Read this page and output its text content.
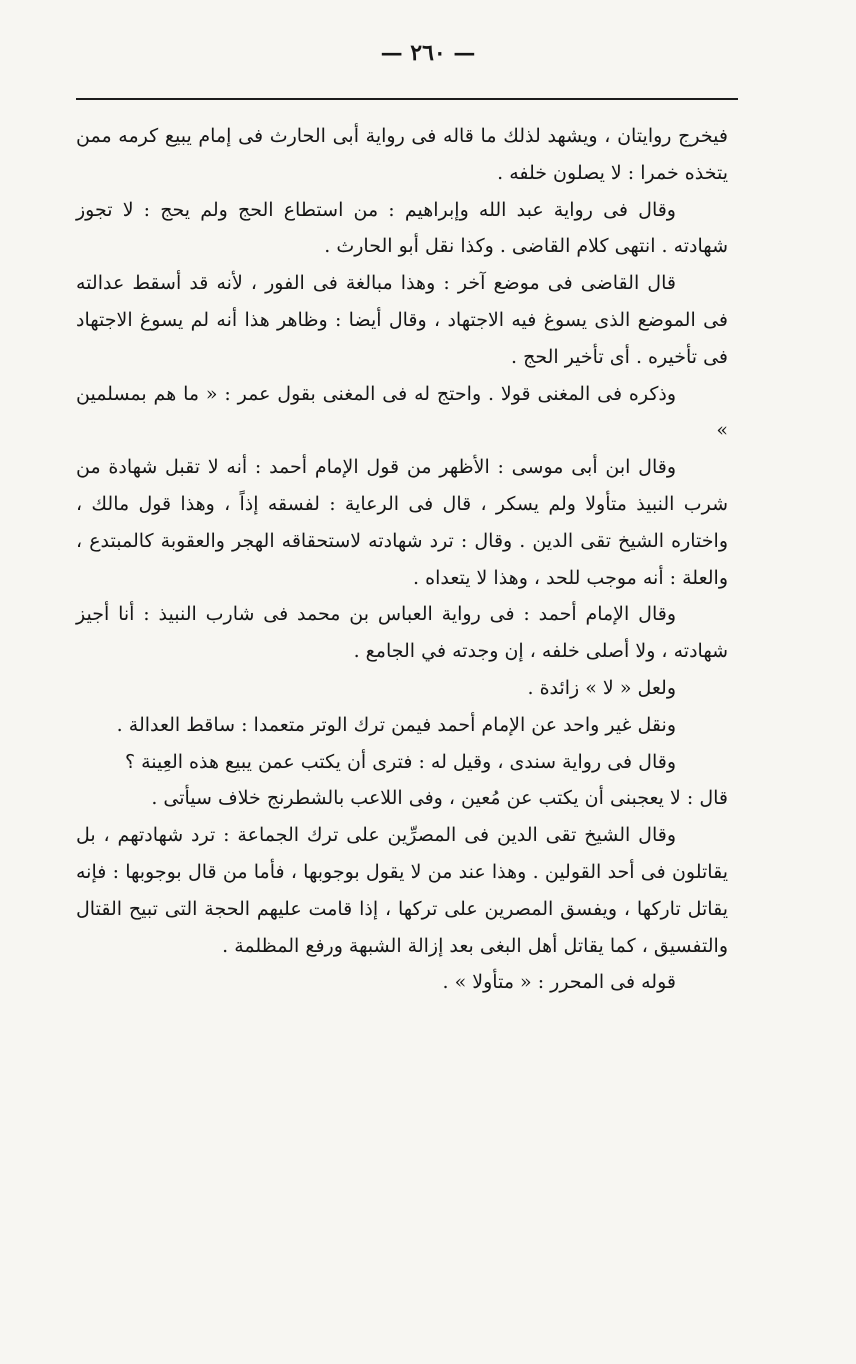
— ٢٦٠ —

فيخرج روايتان ، ويشهد لذلك ما قاله فى رواية أبى الحارث فى إمام يبيع كرمه ممن يتخذه خمرا : لا يصلون خلفه .

وقال فى رواية عبد الله وإبراهيم : من استطاع الحج ولم يحج : لا تجوز شهادته . انتهى كلام القاضى . وكذا نقل أبو الحارث .

قال القاضى فى موضع آخر : وهذا مبالغة فى الفور ، لأنه قد أسقط عدالته فى الموضع الذى يسوغ فيه الاجتهاد ، وقال أيضا : وظاهر هذا أنه لم يسوغ الاجتهاد فى تأخيره . أى تأخير الحج .

وذكره فى المغنى قولا . واحتج له فى المغنى بقول عمر : « ما هم بمسلمين »

وقال ابن أبى موسى : الأظهر من قول الإمام أحمد : أنه لا تقبل شهادة من شرب النبيذ متأولا ولم يسكر ، قال فى الرعاية : لفسقه إذاً ، وهذا قول مالك ، واختاره الشيخ تقى الدين . وقال : ترد شهادته لاستحقاقه الهجر والعقوبة كالمبتدع ، والعلة : أنه موجب للحد ، وهذا لا يتعداه .

وقال الإمام أحمد : فى رواية العباس بن محمد فى شارب النبيذ : أنا أجيز شهادته ، ولا أصلى خلفه ، إن وجدته في الجامع .

ولعل « لا » زائدة .

ونقل غير واحد عن الإمام أحمد فيمن ترك الوتر متعمدا : ساقط العدالة .

وقال فى رواية سندى ، وقيل له : فترى أن يكتب عمن يبيع هذه العِينة ؟

قال : لا يعجبنى أن يكتب عن مُعين ، وفى اللاعب بالشطرنج خلاف سيأتى .

وقال الشيخ تقى الدين فى المصرِّين على ترك الجماعة : ترد شهادتهم ، بل يقاتلون فى أحد القولين . وهذا عند من لا يقول بوجوبها ، فأما من قال بوجوبها : فإنه يقاتل تاركها ، ويفسق المصرين على تركها ، إذا قامت عليهم الحجة التى تبيح القتال والتفسيق ، كما يقاتل أهل البغى بعد إزالة الشبهة ورفع المظلمة .

قوله فى المحرر : « متأولا » .
